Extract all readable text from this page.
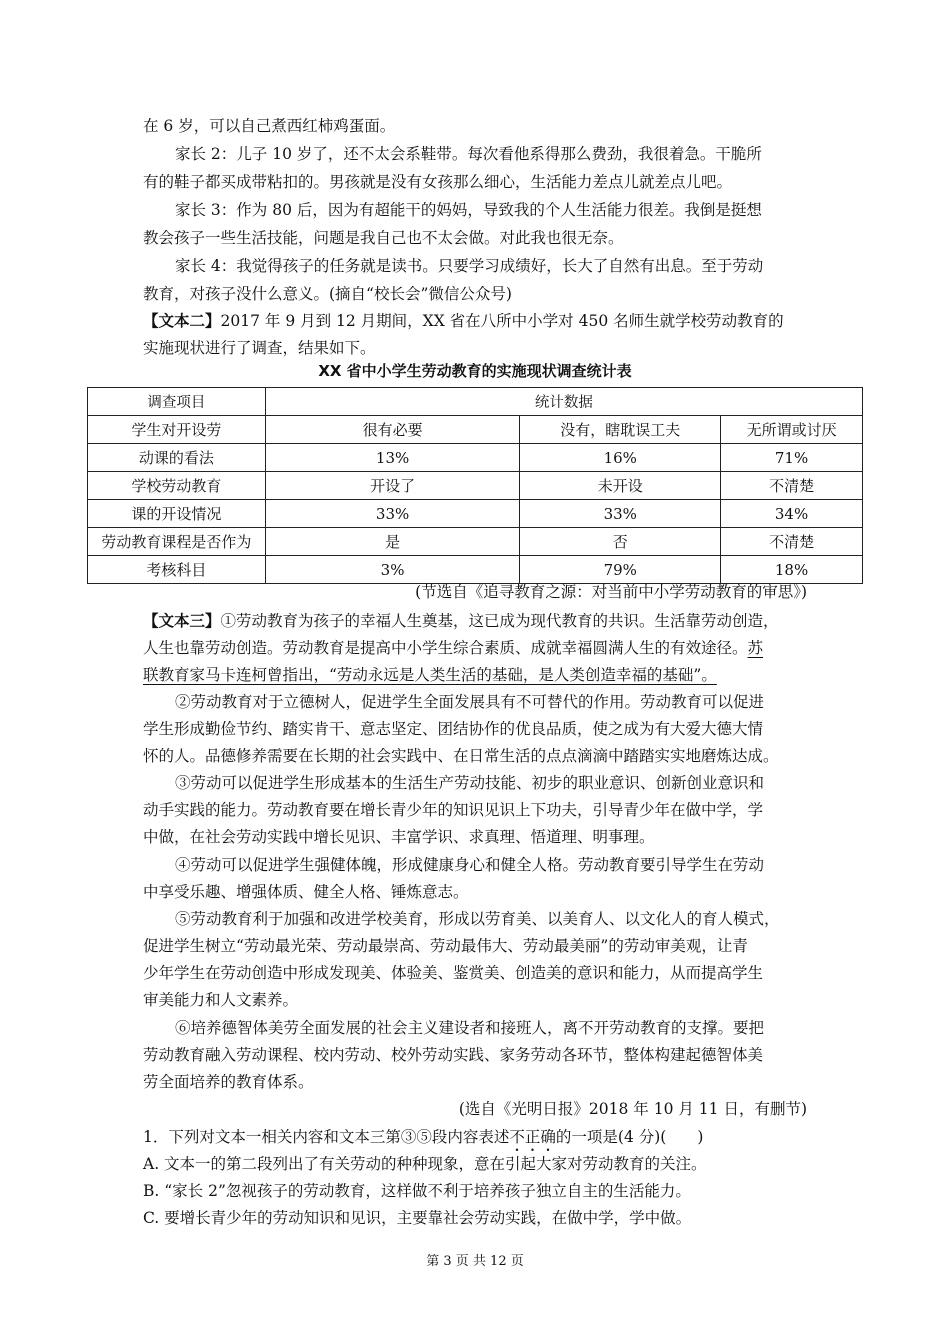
在 6 岁，可以自己煮西红柿鸡蛋面。
家长 2：儿子 10 岁了，还不太会系鞋带。每次看他系得那么费劲，我很着急。干脆所
有的鞋子都买成带粘扣的。男孩就是没有女孩那么细心，生活能力差点儿就差点儿吧。
家长 3：作为 80 后，因为有超能干的妈妈，导致我的个人生活能力很差。我倒是挺想
教会孩子一些生活技能，问题是我自己也不太会做。对此我也很无奈。
家长 4：我觉得孩子的任务就是读书。只要学习成绩好，长大了自然有出息。至于劳动
教育，对孩子没什么意义。(摘自“校长会”微信公众号)
【文本二】2017 年 9 月到 12 月期间，XX 省在八所中小学对 450 名师生就学校劳动教育的
实施现状进行了调查，结果如下。
XX 省中小学生劳动教育的实施现状调查统计表
调查项目	统计数据		
学生对开设劳	很有必要	没有，瞎耽误工夫	无所谓或讨厌
动课的看法	13%	16%	71%
学校劳动教育	开设了	未开设	不清楚
课的开设情况	33%	33%	34%
劳动教育课程是否作为	是	否	不清楚
考核科目	3%	79%	18%
(节选自《追寻教育之源：对当前中小学劳动教育的审思》)
【文本三】①劳动教育为孩子的幸福人生奠基，这已成为现代教育的共识。生活靠劳动创造，
人生也靠劳动创造。劳动教育是提高中小学生综合素质、成就幸福圆满人生的有效途径。苏
联教育家马卡连柯曾指出，“劳动永远是人类生活的基础，是人类创造幸福的基础”。
②劳动教育对于立德树人，促进学生全面发展具有不可替代的作用。劳动教育可以促进
学生形成勤俭节约、踏实肯干、意志坚定、团结协作的优良品质，使之成为有大爱大德大情
怀的人。品德修养需要在长期的社会实践中、在日常生活的点点滴滴中踏踏实实地磨炼达成。
③劳动可以促进学生形成基本的生活生产劳动技能、初步的职业意识、创新创业意识和
动手实践的能力。劳动教育要在增长青少年的知识见识上下功夫，引导青少年在做中学，学
中做，在社会劳动实践中增长见识、丰富学识、求真理、悟道理、明事理。
④劳动可以促进学生强健体魄，形成健康身心和健全人格。劳动教育要引导学生在劳动
中享受乐趣、增强体质、健全人格、锤炼意志。
⑤劳动教育利于加强和改进学校美育，形成以劳育美、以美育人、以文化人的育人模式，
促进学生树立“劳动最光荣、劳动最崇高、劳动最伟大、劳动最美丽”的劳动审美观，让青
少年学生在劳动创造中形成发现美、体验美、鉴赏美、创造美的意识和能力，从而提高学生
审美能力和人文素养。
⑥培养德智体美劳全面发展的社会主义建设者和接班人，离不开劳动教育的支撑。要把
劳动教育融入劳动课程、校内劳动、校外劳动实践、家务劳动各环节，整体构建起德智体美
劳全面培养的教育体系。
(选自《光明日报》2018 年 10 月 11 日，有删节)
1．下列对文本一相关内容和文本三第③⑤段内容表述不正确的一项是(4 分)(　　)
A. 文本一的第二段列出了有关劳动的种种现象，意在引起大家对劳动教育的关注。
B. “家长 2”忽视孩子的劳动教育，这样做不利于培养孩子独立自主的生活能力。
C. 要增长青少年的劳动知识和见识，主要靠社会劳动实践，在做中学，学中做。
第 3 页 共 12 页
